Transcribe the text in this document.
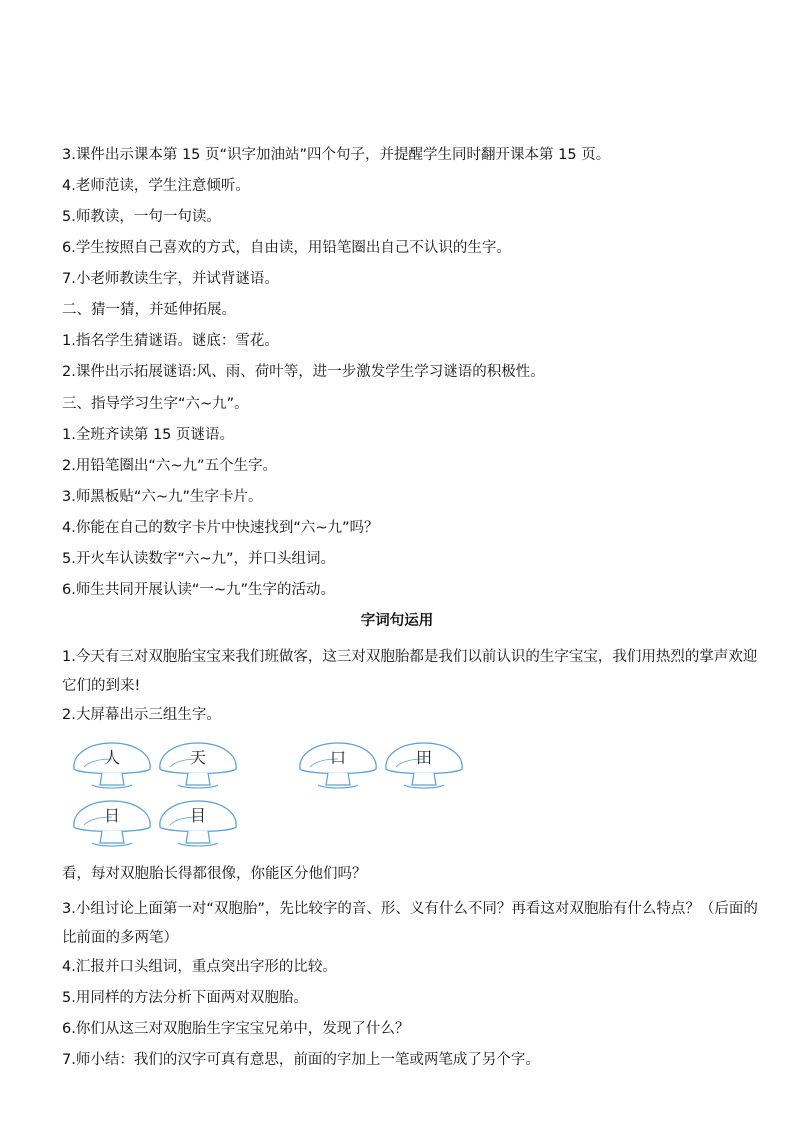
3.课件出示课本第 15 页“识字加油站”四个句子，并提醒学生同时翻开课本第 15 页。
4.老师范读，学生注意倾听。
5.师教读，一句一句读。
6.学生按照自己喜欢的方式，自由读，用铅笔圈出自己不认识的生字。
7.小老师教读生字，并试背谜语。
二、猜一猜，并延伸拓展。
1.指名学生猜谜语。谜底：雪花。
2.课件出示拓展谜语:风、雨、荷叶等，进一步激发学生学习谜语的积极性。
三、指导学习生字“六~九”。
1.全班齐读第 15 页谜语。
2.用铅笔圈出“六~九”五个生字。
3.师黑板贴“六~九”生字卡片。
4.你能在自己的数字卡片中快速找到“六~九”吗？
5.开火车认读数字“六~九”，并口头组词。
6.师生共同开展认读“一~九”生字的活动。
字词句运用
1.今天有三对双胞胎宝宝来我们班做客，这三对双胞胎都是我们以前认识的生字宝宝，我们用热烈的掌声欢迎它们的到来!
2.大屏幕出示三组生字。
人	天	口	田
日	目
看，每对双胞胎长得都很像，你能区分他们吗？
3.小组讨论上面第一对“双胞胎”，先比较字的音、形、义有什么不同？再看这对双胞胎有什么特点？（后面的比前面的多两笔）
4.汇报并口头组词，重点突出字形的比较。
5.用同样的方法分析下面两对双胞胎。
6.你们从这三对双胞胎生字宝宝兄弟中，发现了什么？
7.师小结：我们的汉字可真有意思，前面的字加上一笔或两笔成了另个字。
